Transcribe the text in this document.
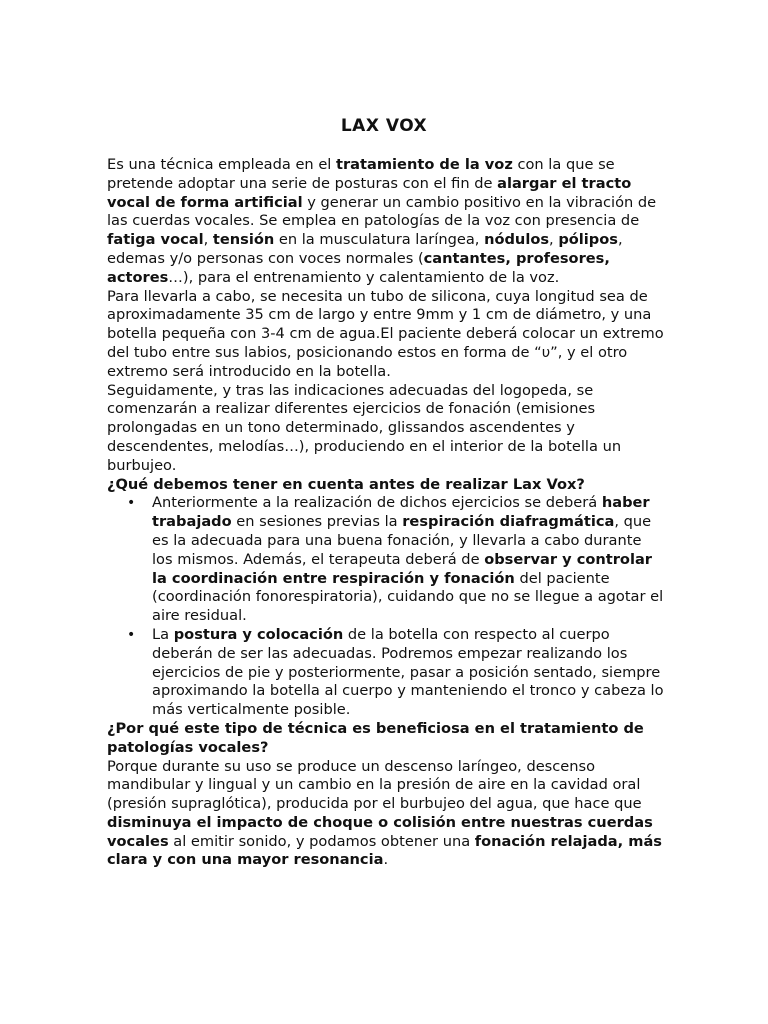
LAX VOX

Es una técnica empleada en el tratamiento de la voz con la que se pretende adoptar una serie de posturas con el fin de alargar el tracto vocal de forma artificial y generar un cambio positivo en la vibración de las cuerdas vocales. Se emplea en patologías de la voz con presencia de fatiga vocal, tensión en la musculatura laríngea, nódulos, pólipos, edemas y/o personas con voces normales (cantantes, profesores, actores…), para el entrenamiento y calentamiento de la voz.

Para llevarla a cabo, se necesita un tubo de silicona, cuya longitud sea de aproximadamente 35 cm de largo y entre 9mm y 1 cm de diámetro, y una botella pequeña con 3-4 cm de agua.El paciente deberá colocar un extremo del tubo entre sus labios, posicionando estos en forma de “υ”, y el otro extremo será introducido en la botella.

Seguidamente, y tras las indicaciones adecuadas del logopeda, se comenzarán a realizar diferentes ejercicios de fonación (emisiones prolongadas en un tono determinado, glissandos ascendentes y descendentes, melodías…), produciendo en el interior de la botella un burbujeo.

¿Qué debemos tener en cuenta antes de realizar Lax Vox?

• Anteriormente a la realización de dichos ejercicios se deberá haber trabajado en sesiones previas la respiración diafragmática, que es la adecuada para una buena fonación, y llevarla a cabo durante los mismos. Además, el terapeuta deberá de observar y controlar la coordinación entre respiración y fonación del paciente (coordinación fonorespiratoria), cuidando que no se llegue a agotar el aire residual.
• La postura y colocación de la botella con respecto al cuerpo deberán de ser las adecuadas. Podremos empezar realizando los ejercicios de pie y posteriormente, pasar a posición sentado, siempre aproximando la botella al cuerpo y manteniendo el tronco y cabeza lo más verticalmente posible.

¿Por qué este tipo de técnica es beneficiosa en el tratamiento de patologías vocales?

Porque durante su uso se produce un descenso laríngeo, descenso mandibular y lingual y un cambio en la presión de aire en la cavidad oral (presión supraglótica), producida por el burbujeo del agua, que hace que disminuya el impacto de choque o colisión entre nuestras cuerdas vocales al emitir sonido, y podamos obtener una fonación relajada, más clara y con una mayor resonancia.
